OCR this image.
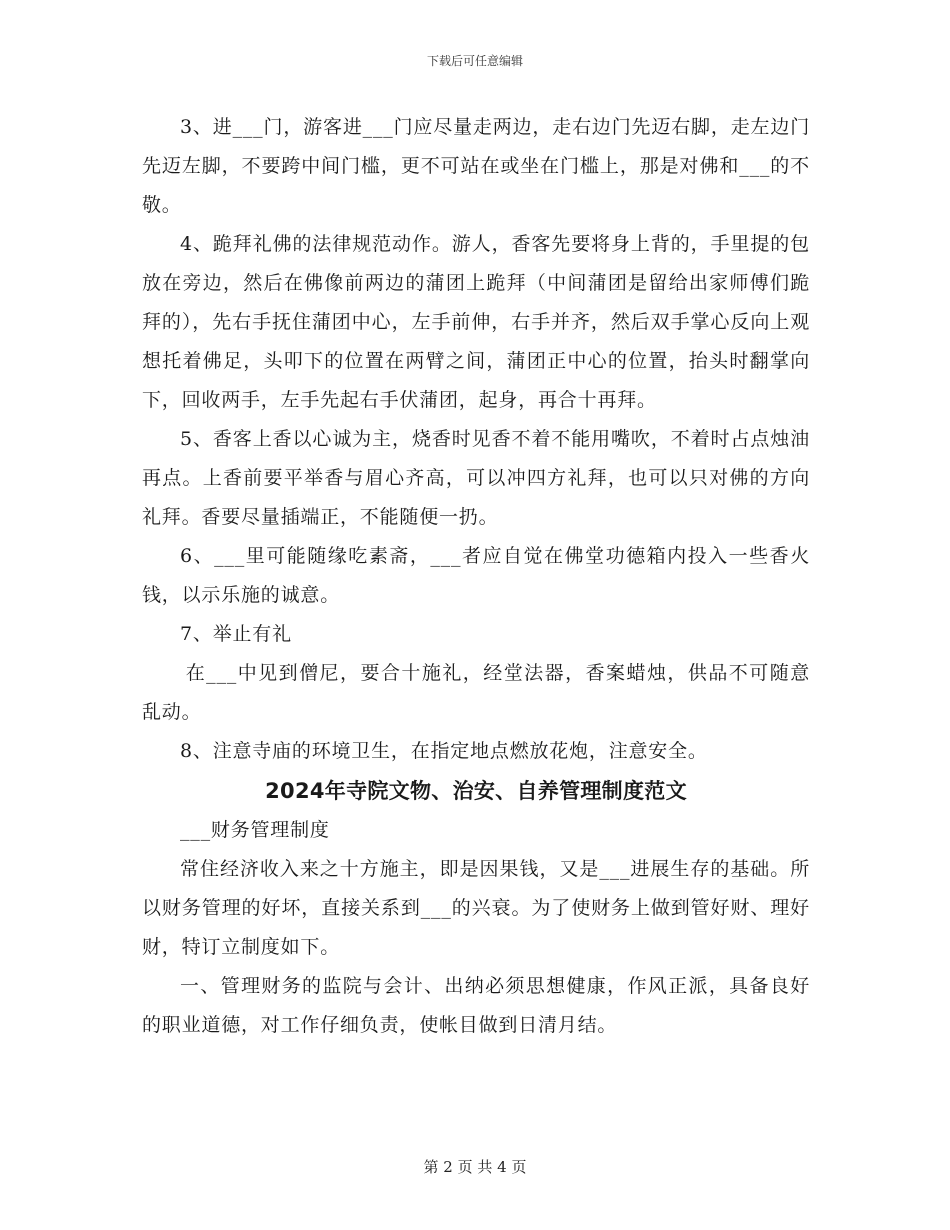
下载后可任意编辑

3、进___门，游客进___门应尽量走两边，走右边门先迈右脚，走左边门先迈左脚，不要跨中间门槛，更不可站在或坐在门槛上，那是对佛和___的不敬。

4、跪拜礼佛的法律规范动作。游人，香客先要将身上背的，手里提的包放在旁边，然后在佛像前两边的蒲团上跪拜（中间蒲团是留给出家师傅们跪拜的），先右手抚住蒲团中心，左手前伸，右手并齐，然后双手掌心反向上观想托着佛足，头叩下的位置在两臂之间，蒲团正中心的位置，抬头时翻掌向下，回收两手，左手先起右手伏蒲团，起身，再合十再拜。

5、香客上香以心诚为主，烧香时见香不着不能用嘴吹，不着时占点烛油再点。上香前要平举香与眉心齐高，可以冲四方礼拜，也可以只对佛的方向礼拜。香要尽量插端正，不能随便一扔。

6、___里可能随缘吃素斋，___者应自觉在佛堂功德箱内投入一些香火钱，以示乐施的诚意。

7、举止有礼

在___中见到僧尼，要合十施礼，经堂法器，香案蜡烛，供品不可随意乱动。

8、注意寺庙的环境卫生，在指定地点燃放花炮，注意安全。

2024年寺院文物、治安、自养管理制度范文

___财务管理制度

常住经济收入来之十方施主，即是因果钱，又是___进展生存的基础。所以财务管理的好坏，直接关系到___的兴衰。为了使财务上做到管好财、理好财，特订立制度如下。

一、管理财务的监院与会计、出纳必须思想健康，作风正派，具备良好的职业道德，对工作仔细负责，使帐目做到日清月结。

第 2 页 共 4 页
